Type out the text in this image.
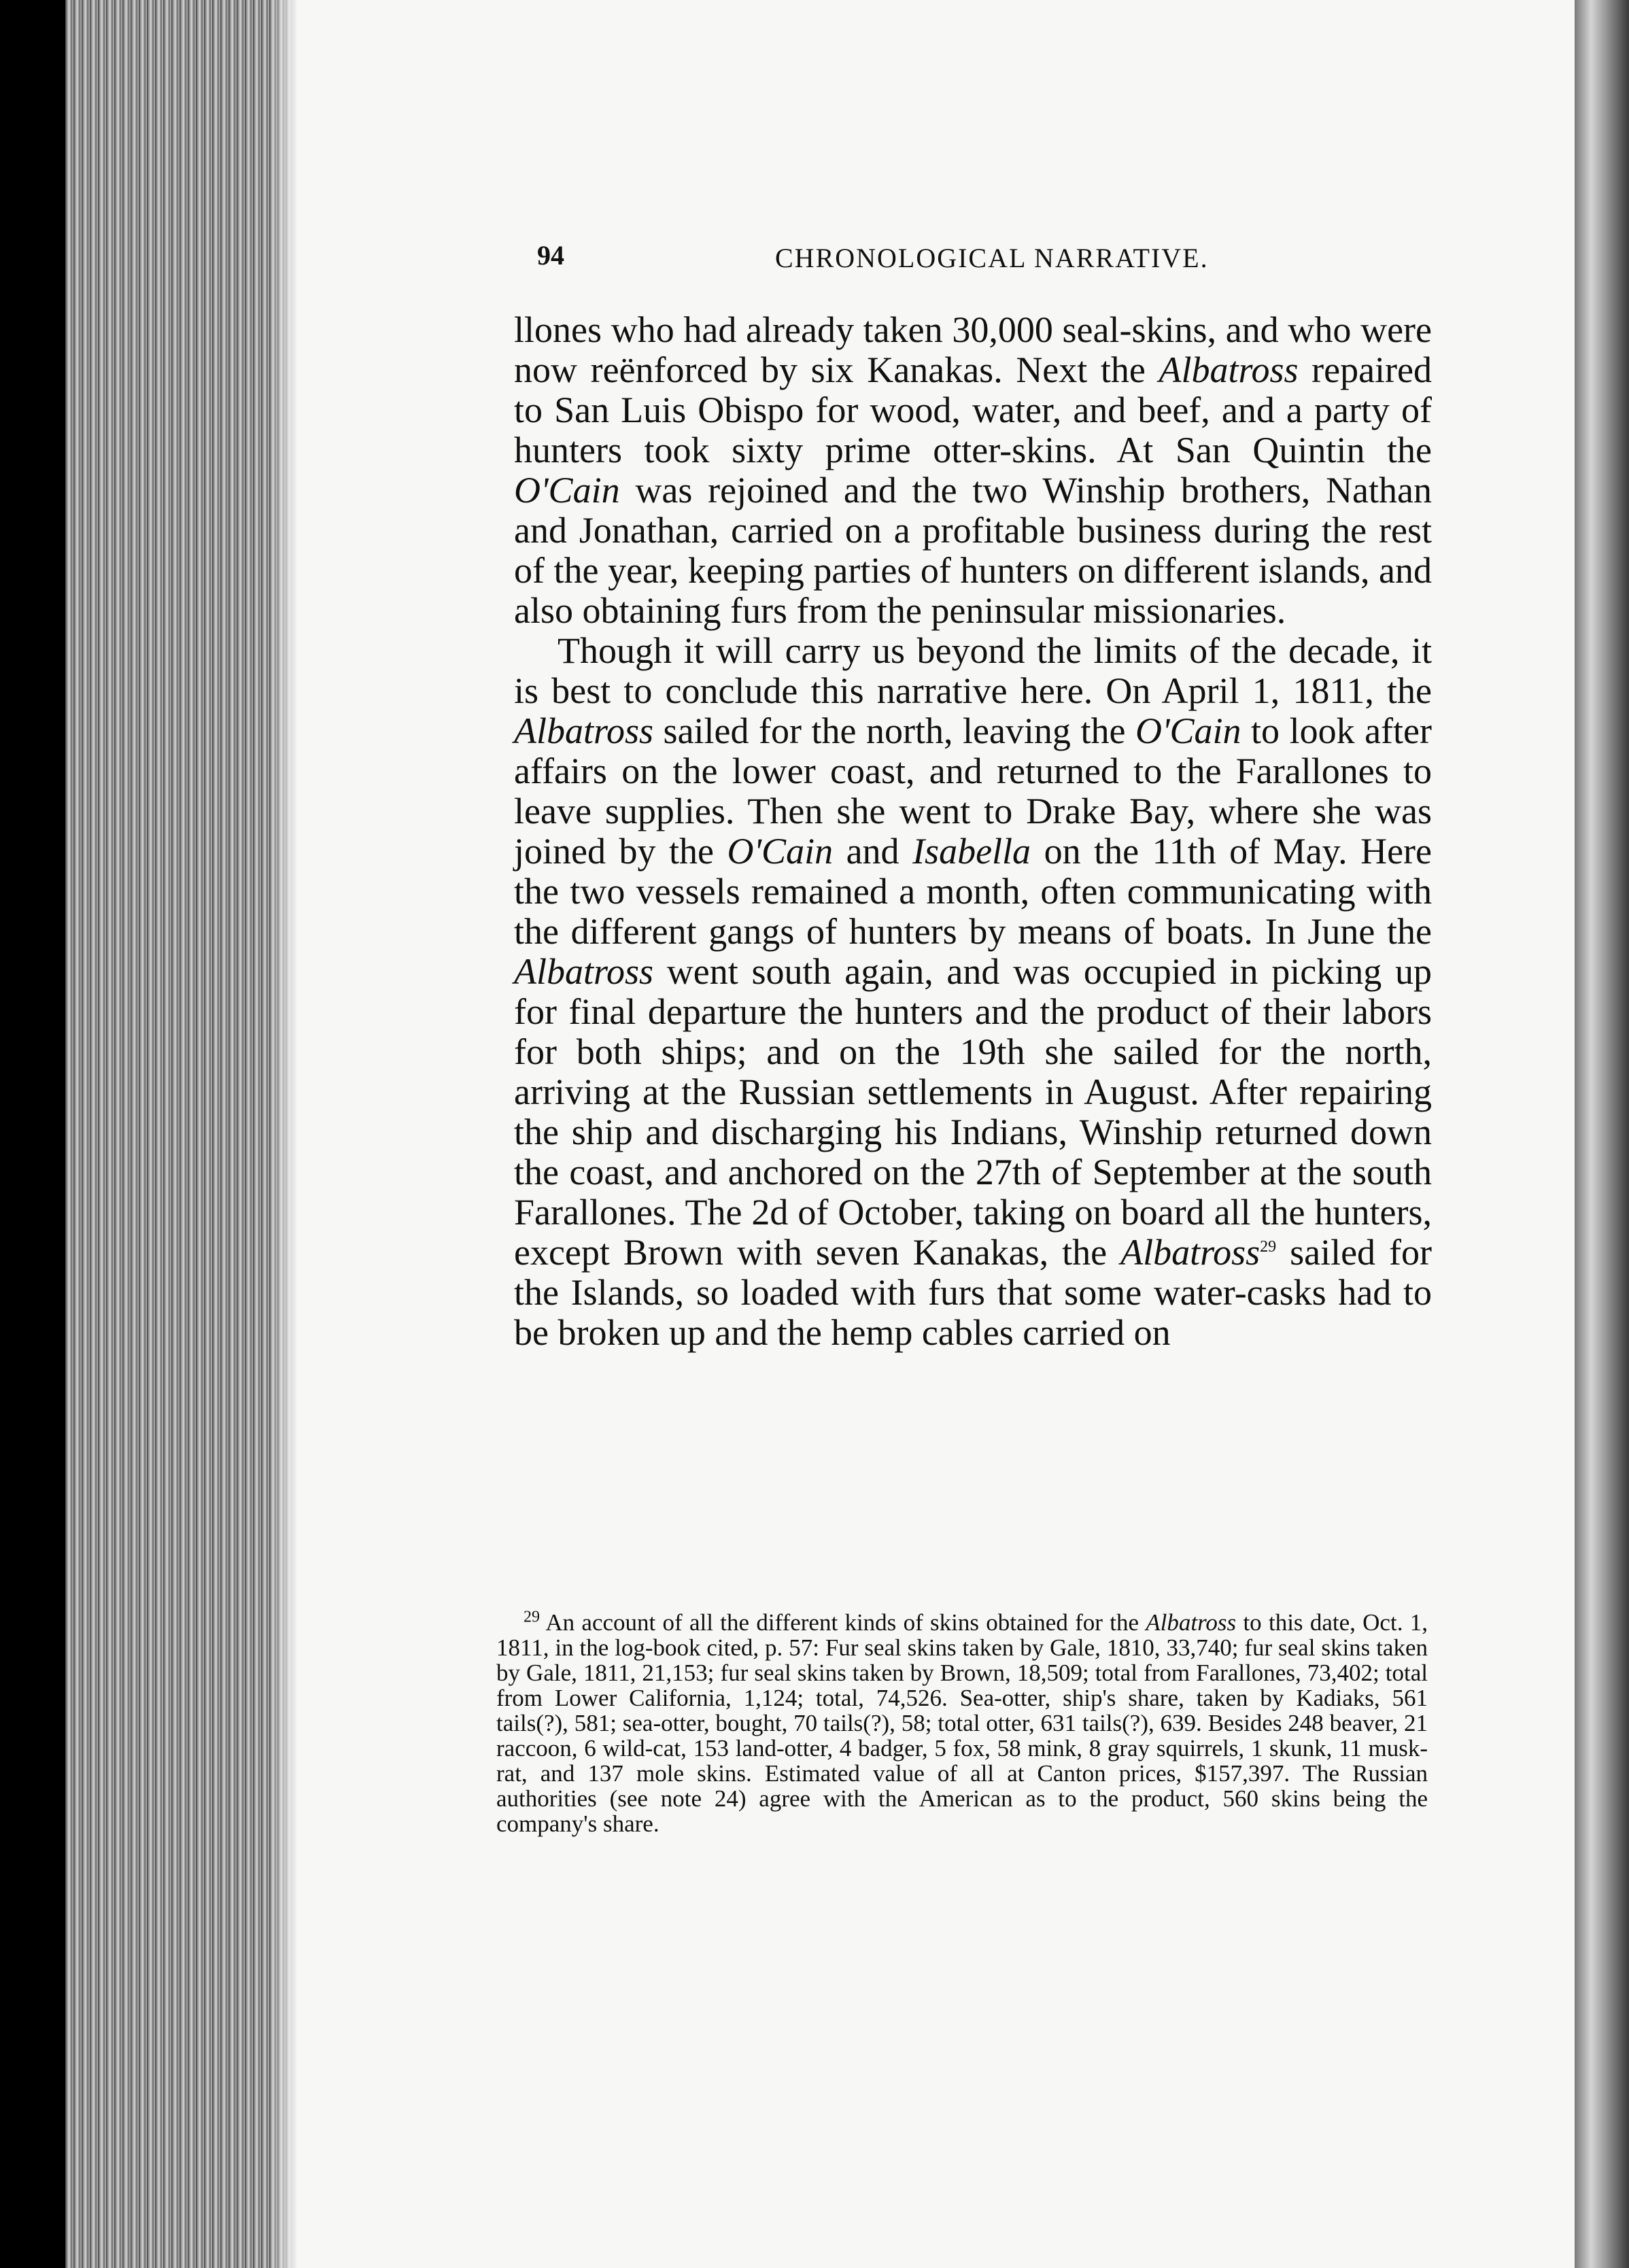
94	CHRONOLOGICAL NARRATIVE.

llones who had already taken 30,000 seal-skins, and who were now reënforced by six Kanakas. Next the Albatross repaired to San Luis Obispo for wood, water, and beef, and a party of hunters took sixty prime otter-skins. At San Quintin the O'Cain was rejoined and the two Winship brothers, Nathan and Jonathan, carried on a profitable business during the rest of the year, keeping parties of hunters on different islands, and also obtaining furs from the peninsular missionaries.

Though it will carry us beyond the limits of the decade, it is best to conclude this narrative here. On April 1, 1811, the Albatross sailed for the north, leaving the O'Cain to look after affairs on the lower coast, and returned to the Farallones to leave supplies. Then she went to Drake Bay, where she was joined by the O'Cain and Isabella on the 11th of May. Here the two vessels remained a month, often communicating with the different gangs of hunters by means of boats. In June the Albatross went south again, and was occupied in picking up for final departure the hunters and the product of their labors for both ships; and on the 19th she sailed for the north, arriving at the Russian settlements in August. After repairing the ship and discharging his Indians, Winship returned down the coast, and anchored on the 27th of September at the south Farallones. The 2d of October, taking on board all the hunters, except Brown with seven Kanakas, the Albatross$^{29}$ sailed for the Islands, so loaded with furs that some water-casks had to be broken up and the hemp cables carried on

$^{29}$ An account of all the different kinds of skins obtained for the Albatross to this date, Oct. 1, 1811, in the log-book cited, p. 57: Fur seal skins taken by Gale, 1810, 33,740; fur seal skins taken by Gale, 1811, 21,153; fur seal skins taken by Brown, 18,509; total from Farallones, 73,402; total from Lower California, 1,124; total, 74,526. Sea-otter, ship's share, taken by Kadiaks, 561 tails(?), 581; sea-otter, bought, 70 tails(?), 58; total otter, 631 tails(?), 639. Besides 248 beaver, 21 raccoon, 6 wild-cat, 153 land-otter, 4 badger, 5 fox, 58 mink, 8 gray squirrels, 1 skunk, 11 musk-rat, and 137 mole skins. Estimated value of all at Canton prices, $157,397. The Russian authorities (see note 24) agree with the American as to the product, 560 skins being the company's share.
